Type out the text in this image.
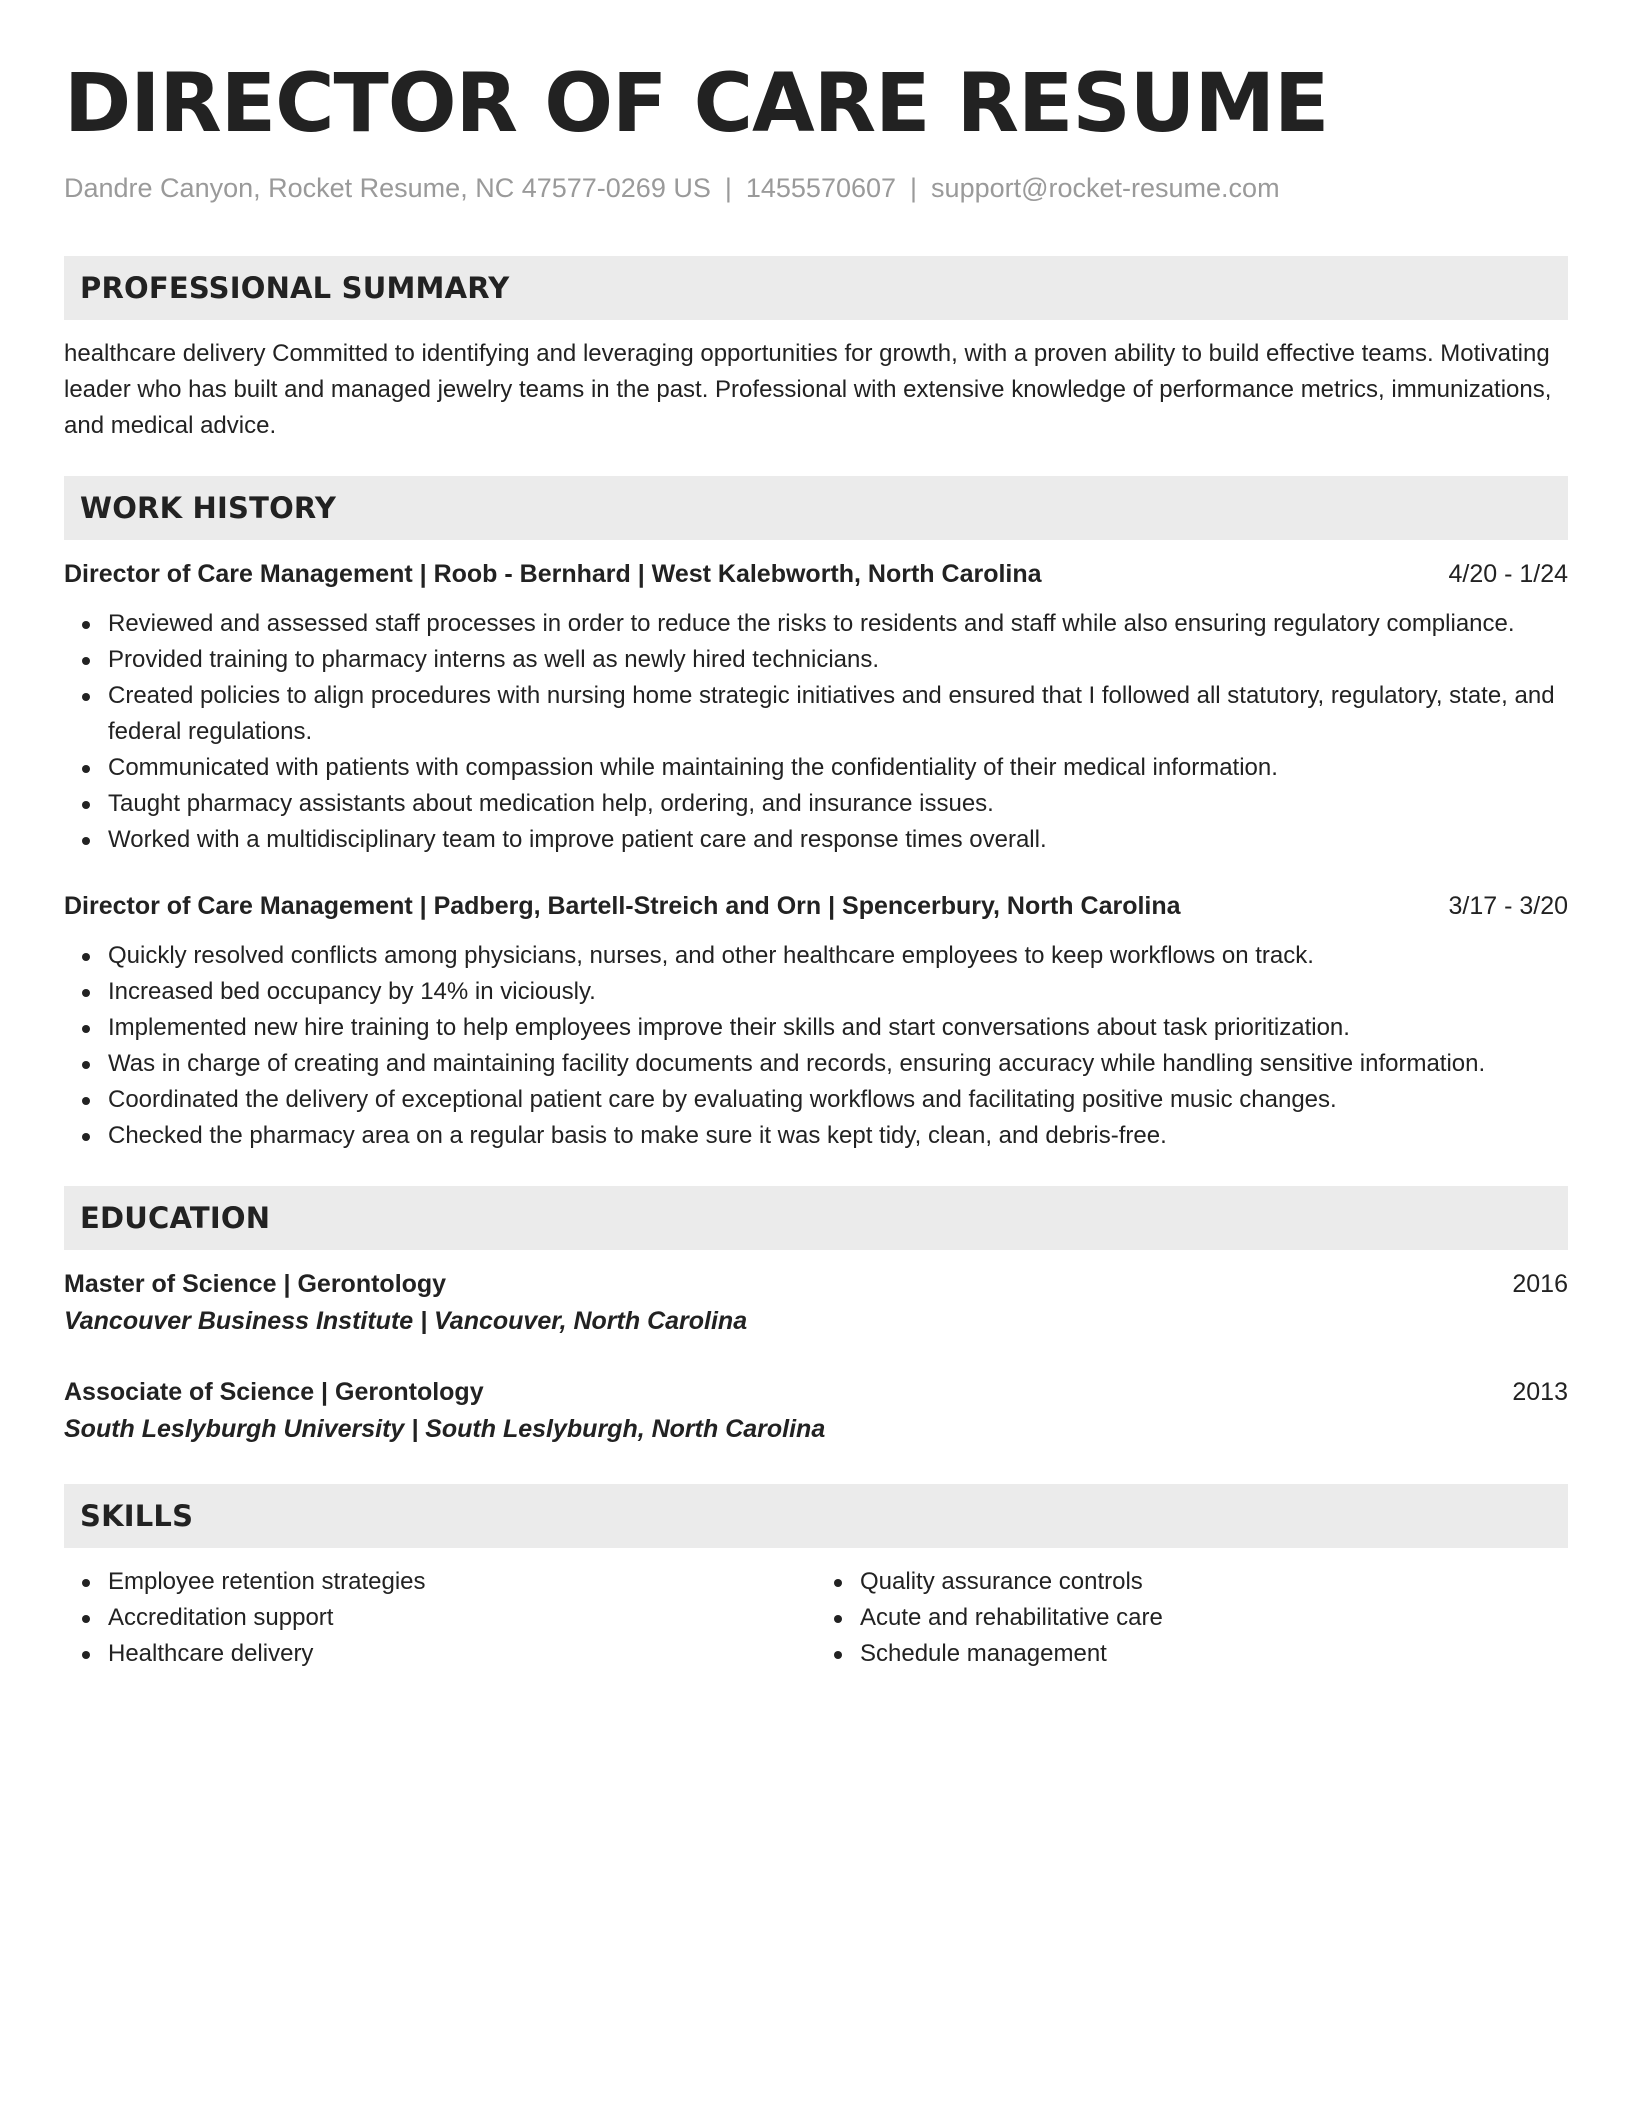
DIRECTOR OF CARE RESUME
Dandre Canyon, Rocket Resume, NC 47577-0269 US | 1455570607 | support@rocket-resume.com
PROFESSIONAL SUMMARY
healthcare delivery Committed to identifying and leveraging opportunities for growth, with a proven ability to build effective teams. Motivating leader who has built and managed jewelry teams in the past. Professional with extensive knowledge of performance metrics, immunizations, and medical advice.
WORK HISTORY
Director of Care Management | Roob - Bernhard | West Kalebworth, North Carolina	4/20 - 1/24
Reviewed and assessed staff processes in order to reduce the risks to residents and staff while also ensuring regulatory compliance.
Provided training to pharmacy interns as well as newly hired technicians.
Created policies to align procedures with nursing home strategic initiatives and ensured that I followed all statutory, regulatory, state, and federal regulations.
Communicated with patients with compassion while maintaining the confidentiality of their medical information.
Taught pharmacy assistants about medication help, ordering, and insurance issues.
Worked with a multidisciplinary team to improve patient care and response times overall.
Director of Care Management | Padberg, Bartell-Streich and Orn | Spencerbury, North Carolina	3/17 - 3/20
Quickly resolved conflicts among physicians, nurses, and other healthcare employees to keep workflows on track.
Increased bed occupancy by 14% in viciously.
Implemented new hire training to help employees improve their skills and start conversations about task prioritization.
Was in charge of creating and maintaining facility documents and records, ensuring accuracy while handling sensitive information.
Coordinated the delivery of exceptional patient care by evaluating workflows and facilitating positive music changes.
Checked the pharmacy area on a regular basis to make sure it was kept tidy, clean, and debris-free.
EDUCATION
Master of Science | Gerontology	2016
Vancouver Business Institute | Vancouver, North Carolina
Associate of Science | Gerontology	2013
South Leslyburgh University | South Leslyburgh, North Carolina
SKILLS
Employee retention strategies
Accreditation support
Healthcare delivery
Quality assurance controls
Acute and rehabilitative care
Schedule management
